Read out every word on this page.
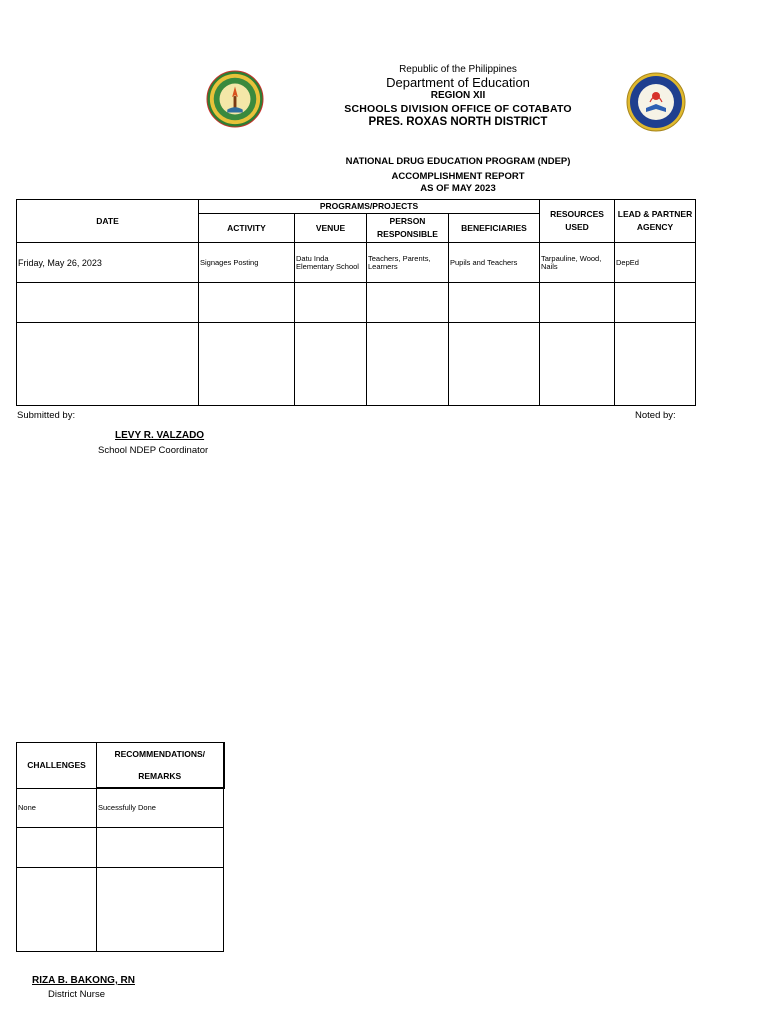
Republic of the Philippines
Department of Education
REGION XII
SCHOOLS DIVISION OFFICE OF COTABATO
PRES. ROXAS NORTH DISTRICT
NATIONAL DRUG EDUCATION PROGRAM (NDEP)
ACCOMPLISHMENT REPORT
AS OF MAY 2023
DATE	PROGRAMS/PROJECTS				RESOURCES USED	LEAD & PARTNER AGENCY
	ACTIVITY	VENUE	PERSON RESPONSIBLE	BENEFICIARIES		
Friday, May 26, 2023	Signages Posting	Datu Inda Elementary School	Teachers, Parents, Learners	Pupils and Teachers	Tarpauline, Wood, Nails	DepEd

Submitted by:	Noted by:
LEVY R. VALZADO
School NDEP Coordinator
CHALLENGES	RECOMMENDATIONS/
REMARKS

None	Sucessfully Done

RIZA B. BAKONG, RN
District Nurse
